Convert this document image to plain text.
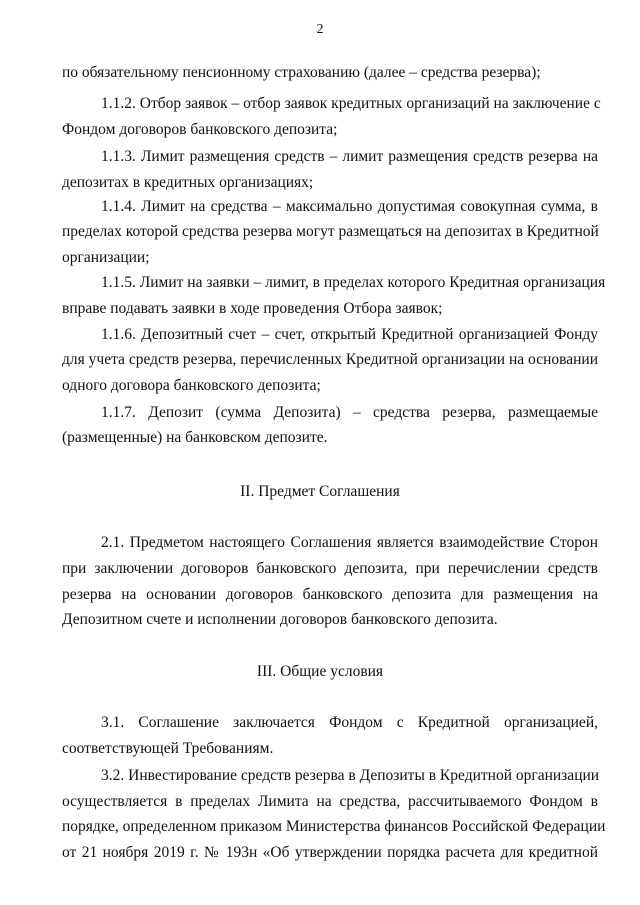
2
по обязательному пенсионному страхованию (далее – средства резерва);
1.1.2. Отбор заявок – отбор заявок кредитных организаций на заключение с
Фондом договоров банковского депозита;
1.1.3. Лимит размещения средств – лимит размещения средств резерва на
депозитах в кредитных организациях;
1.1.4. Лимит на средства – максимально допустимая совокупная сумма, в
пределах которой средства резерва могут размещаться на депозитах в Кредитной
организации;
1.1.5. Лимит на заявки – лимит, в пределах которого Кредитная организация
вправе подавать заявки в ходе проведения Отбора заявок;
1.1.6. Депозитный счет – счет, открытый Кредитной организацией Фонду
для учета средств резерва, перечисленных Кредитной организации на основании
одного договора банковского депозита;
1.1.7. Депозит (сумма Депозита) – средства резерва, размещаемые
(размещенные) на банковском депозите.
II. Предмет Соглашения
2.1. Предметом настоящего Соглашения является взаимодействие Сторон
при заключении договоров банковского депозита, при перечислении средств
резерва на основании договоров банковского депозита для размещения на
Депозитном счете и исполнении договоров банковского депозита.
III. Общие условия
3.1. Соглашение заключается Фондом с Кредитной организацией,
соответствующей Требованиям.
3.2. Инвестирование средств резерва в Депозиты в Кредитной организации
осуществляется в пределах Лимита на средства, рассчитываемого Фондом в
порядке, определенном приказом Министерства финансов Российской Федерации
от 21 ноября 2019 г. № 193н «Об утверждении порядка расчета для кредитной
